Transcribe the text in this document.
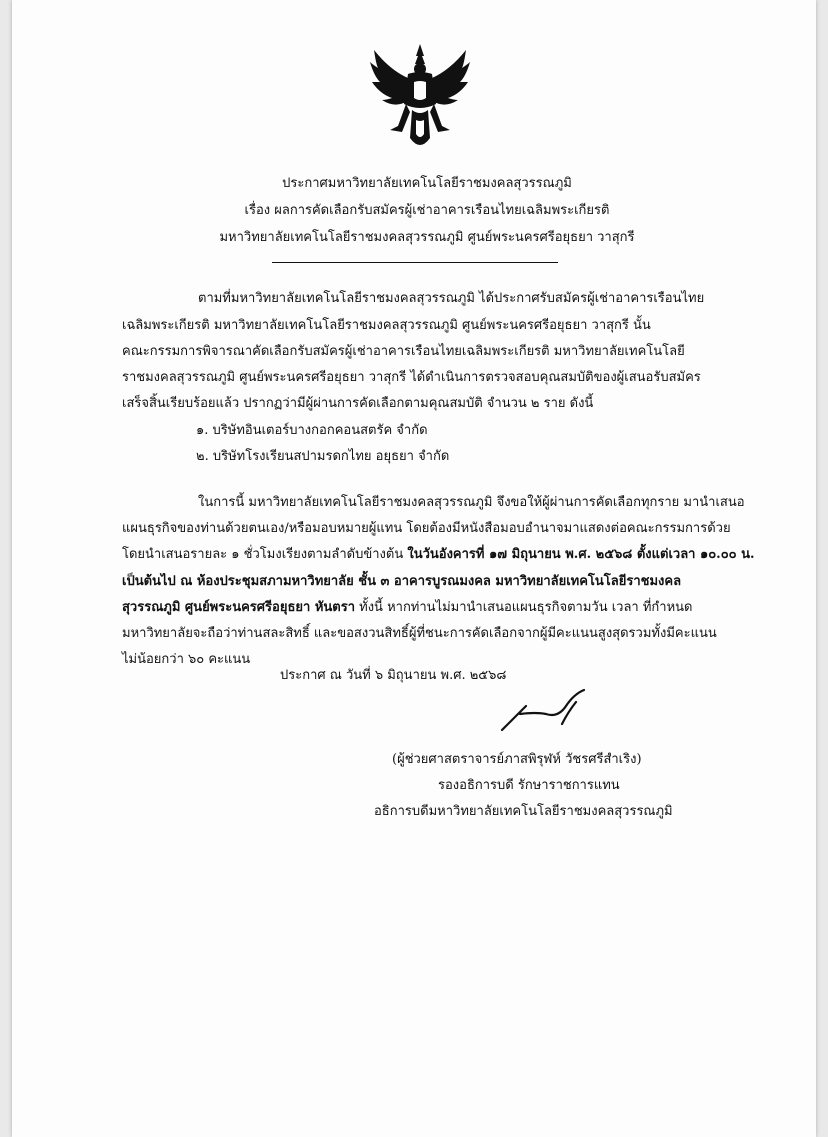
ประกาศมหาวิทยาลัยเทคโนโลยีราชมงคลสุวรรณภูมิ
เรื่อง ผลการคัดเลือกรับสมัครผู้เช่าอาคารเรือนไทยเฉลิมพระเกียรติ
มหาวิทยาลัยเทคโนโลยีราชมงคลสุวรรณภูมิ ศูนย์พระนครศรีอยุธยา วาสุกรี
ตามที่มหาวิทยาลัยเทคโนโลยีราชมงคลสุวรรณภูมิ ได้ประกาศรับสมัครผู้เช่าอาคารเรือนไทย
เฉลิมพระเกียรติ มหาวิทยาลัยเทคโนโลยีราชมงคลสุวรรณภูมิ ศูนย์พระนครศรีอยุธยา วาสุกรี นั้น
คณะกรรมการพิจารณาคัดเลือกรับสมัครผู้เช่าอาคารเรือนไทยเฉลิมพระเกียรติ มหาวิทยาลัยเทคโนโลยี
ราชมงคลสุวรรณภูมิ ศูนย์พระนครศรีอยุธยา วาสุกรี ได้ดำเนินการตรวจสอบคุณสมบัติของผู้เสนอรับสมัคร
เสร็จสิ้นเรียบร้อยแล้ว ปรากฏว่ามีผู้ผ่านการคัดเลือกตามคุณสมบัติ จำนวน ๒ ราย ดังนี้
๑. บริษัทอินเตอร์บางกอกคอนสตรัค จำกัด
๒. บริษัทโรงเรียนสปามรดกไทย อยุธยา จำกัด
ในการนี้ มหาวิทยาลัยเทคโนโลยีราชมงคลสุวรรณภูมิ จึงขอให้ผู้ผ่านการคัดเลือกทุกราย มานำเสนอ
แผนธุรกิจของท่านด้วยตนเอง/หรือมอบหมายผู้แทน โดยต้องมีหนังสือมอบอำนาจมาแสดงต่อคณะกรรมการด้วย
โดยนำเสนอรายละ ๑ ชั่วโมงเรียงตามลำดับข้างต้น ในวันอังคารที่ ๑๗ มิถุนายน พ.ศ. ๒๕๖๘ ตั้งแต่เวลา ๑๐.๐๐ น.
เป็นต้นไป ณ ห้องประชุมสภามหาวิทยาลัย ชั้น ๓ อาคารบูรณมงคล มหาวิทยาลัยเทคโนโลยีราชมงคล
สุวรรณภูมิ ศูนย์พระนครศรีอยุธยา หันตรา ทั้งนี้ หากท่านไม่มานำเสนอแผนธุรกิจตามวัน เวลา ที่กำหนด
มหาวิทยาลัยจะถือว่าท่านสละสิทธิ์ และขอสงวนสิทธิ์ผู้ที่ชนะการคัดเลือกจากผู้มีคะแนนสูงสุดรวมทั้งมีคะแนน
ไม่น้อยกว่า ๖๐ คะแนน
ประกาศ ณ วันที่ ๖ มิถุนายน พ.ศ. ๒๕๖๘
(ผู้ช่วยศาสตราจารย์ภาสพิรุฬห์ วัชรศรีสำเริง)
รองอธิการบดี รักษาราชการแทน
อธิการบดีมหาวิทยาลัยเทคโนโลยีราชมงคลสุวรรณภูมิ
